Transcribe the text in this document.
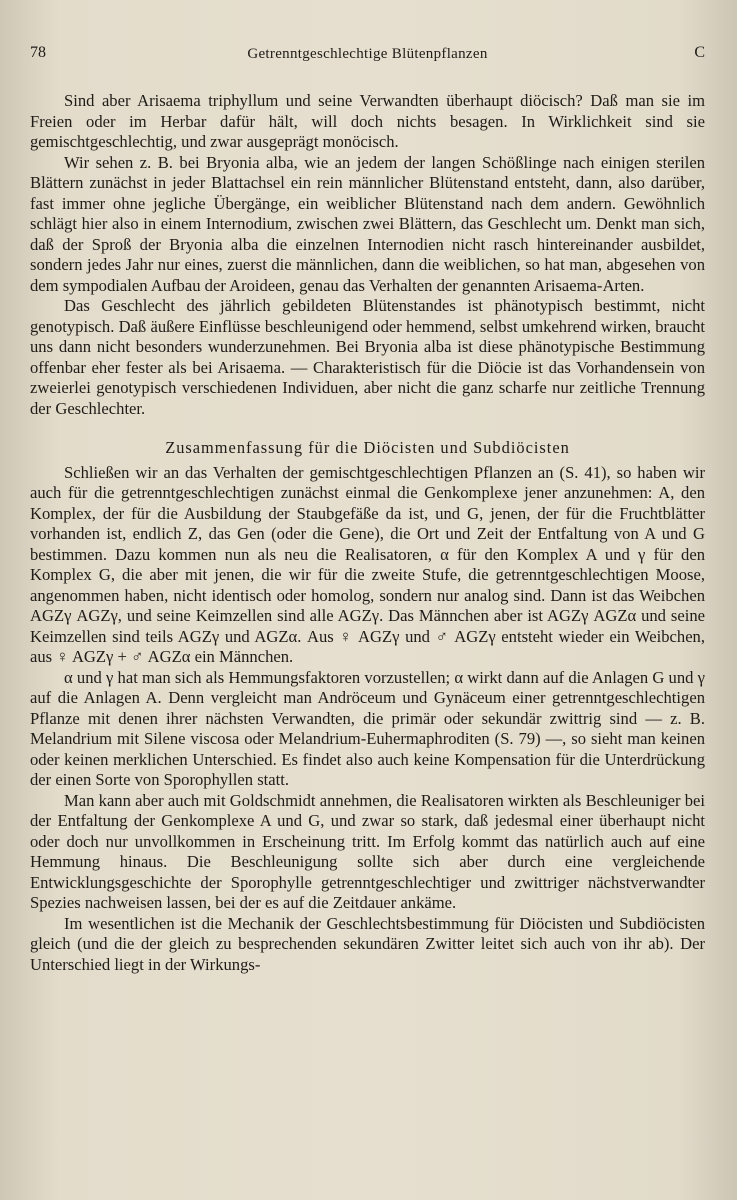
78	Getrenntgeschlechtige Blütenpflanzen	C

Sind aber Arisaema triphyllum und seine Verwandten überhaupt diöcisch? Daß man sie im Freien oder im Herbar dafür hält, will doch nichts besagen. In Wirklichkeit sind sie gemischtgeschlechtig, und zwar ausgeprägt monöcisch.

Wir sehen z. B. bei Bryonia alba, wie an jedem der langen Schößlinge nach einigen sterilen Blättern zunächst in jeder Blattachsel ein rein männlicher Blütenstand entsteht, dann, also darüber, fast immer ohne jegliche Übergänge, ein weiblicher Blütenstand nach dem andern. Gewöhnlich schlägt hier also in einem Internodium, zwischen zwei Blättern, das Geschlecht um. Denkt man sich, daß der Sproß der Bryonia alba die einzelnen Internodien nicht rasch hintereinander ausbildet, sondern jedes Jahr nur eines, zuerst die männlichen, dann die weiblichen, so hat man, abgesehen von dem sympodialen Aufbau der Aroideen, genau das Verhalten der genannten Arisaema-Arten.

Das Geschlecht des jährlich gebildeten Blütenstandes ist phänotypisch bestimmt, nicht genotypisch. Daß äußere Einflüsse beschleunigend oder hemmend, selbst umkehrend wirken, braucht uns dann nicht besonders wunderzunehmen. Bei Bryonia alba ist diese phänotypische Bestimmung offenbar eher fester als bei Arisaema. — Charakteristisch für die Diöcie ist das Vorhandensein von zweierlei genotypisch verschiedenen Individuen, aber nicht die ganz scharfe nur zeitliche Trennung der Geschlechter.

Zusammenfassung für die Diöcisten und Subdiöcisten

Schließen wir an das Verhalten der gemischtgeschlechtigen Pflanzen an (S. 41), so haben wir auch für die getrenntgeschlechtigen zunächst einmal die Genkomplexe jener anzunehmen: A, den Komplex, der für die Ausbildung der Staubgefäße da ist, und G, jenen, der für die Fruchtblätter vorhanden ist, endlich Z, das Gen (oder die Gene), die Ort und Zeit der Entfaltung von A und G bestimmen. Dazu kommen nun als neu die Realisatoren, α für den Komplex A und γ für den Komplex G, die aber mit jenen, die wir für die zweite Stufe, die getrenntgeschlechtigen Moose, angenommen haben, nicht identisch oder homolog, sondern nur analog sind. Dann ist das Weibchen AGZγ AGZγ, und seine Keimzellen sind alle AGZγ. Das Männchen aber ist AGZγ AGZα und seine Keimzellen sind teils AGZγ und AGZα. Aus ♀ AGZγ und ♂ AGZγ entsteht wieder ein Weibchen, aus ♀ AGZγ + ♂ AGZα ein Männchen.

α und γ hat man sich als Hemmungsfaktoren vorzustellen; α wirkt dann auf die Anlagen G und γ auf die Anlagen A. Denn vergleicht man Andröceum und Gynäceum einer getrenntgeschlechtigen Pflanze mit denen ihrer nächsten Verwandten, die primär oder sekundär zwittrig sind — z. B. Melandrium mit Silene viscosa oder Melandrium-Euhermaphroditen (S. 79) —, so sieht man keinen oder keinen merklichen Unterschied. Es findet also auch keine Kompensation für die Unterdrückung der einen Sorte von Sporophyllen statt.

Man kann aber auch mit Goldschmidt annehmen, die Realisatoren wirkten als Beschleuniger bei der Entfaltung der Genkomplexe A und G, und zwar so stark, daß jedesmal einer überhaupt nicht oder doch nur unvollkommen in Erscheinung tritt. Im Erfolg kommt das natürlich auch auf eine Hemmung hinaus. Die Beschleunigung sollte sich aber durch eine vergleichende Entwicklungsgeschichte der Sporophylle getrenntgeschlechtiger und zwittriger nächstverwandter Spezies nachweisen lassen, bei der es auf die Zeitdauer ankäme.

Im wesentlichen ist die Mechanik der Geschlechtsbestimmung für Diöcisten und Subdiöcisten gleich (und die der gleich zu besprechenden sekundären Zwitter leitet sich auch von ihr ab). Der Unterschied liegt in der Wirkungs-
